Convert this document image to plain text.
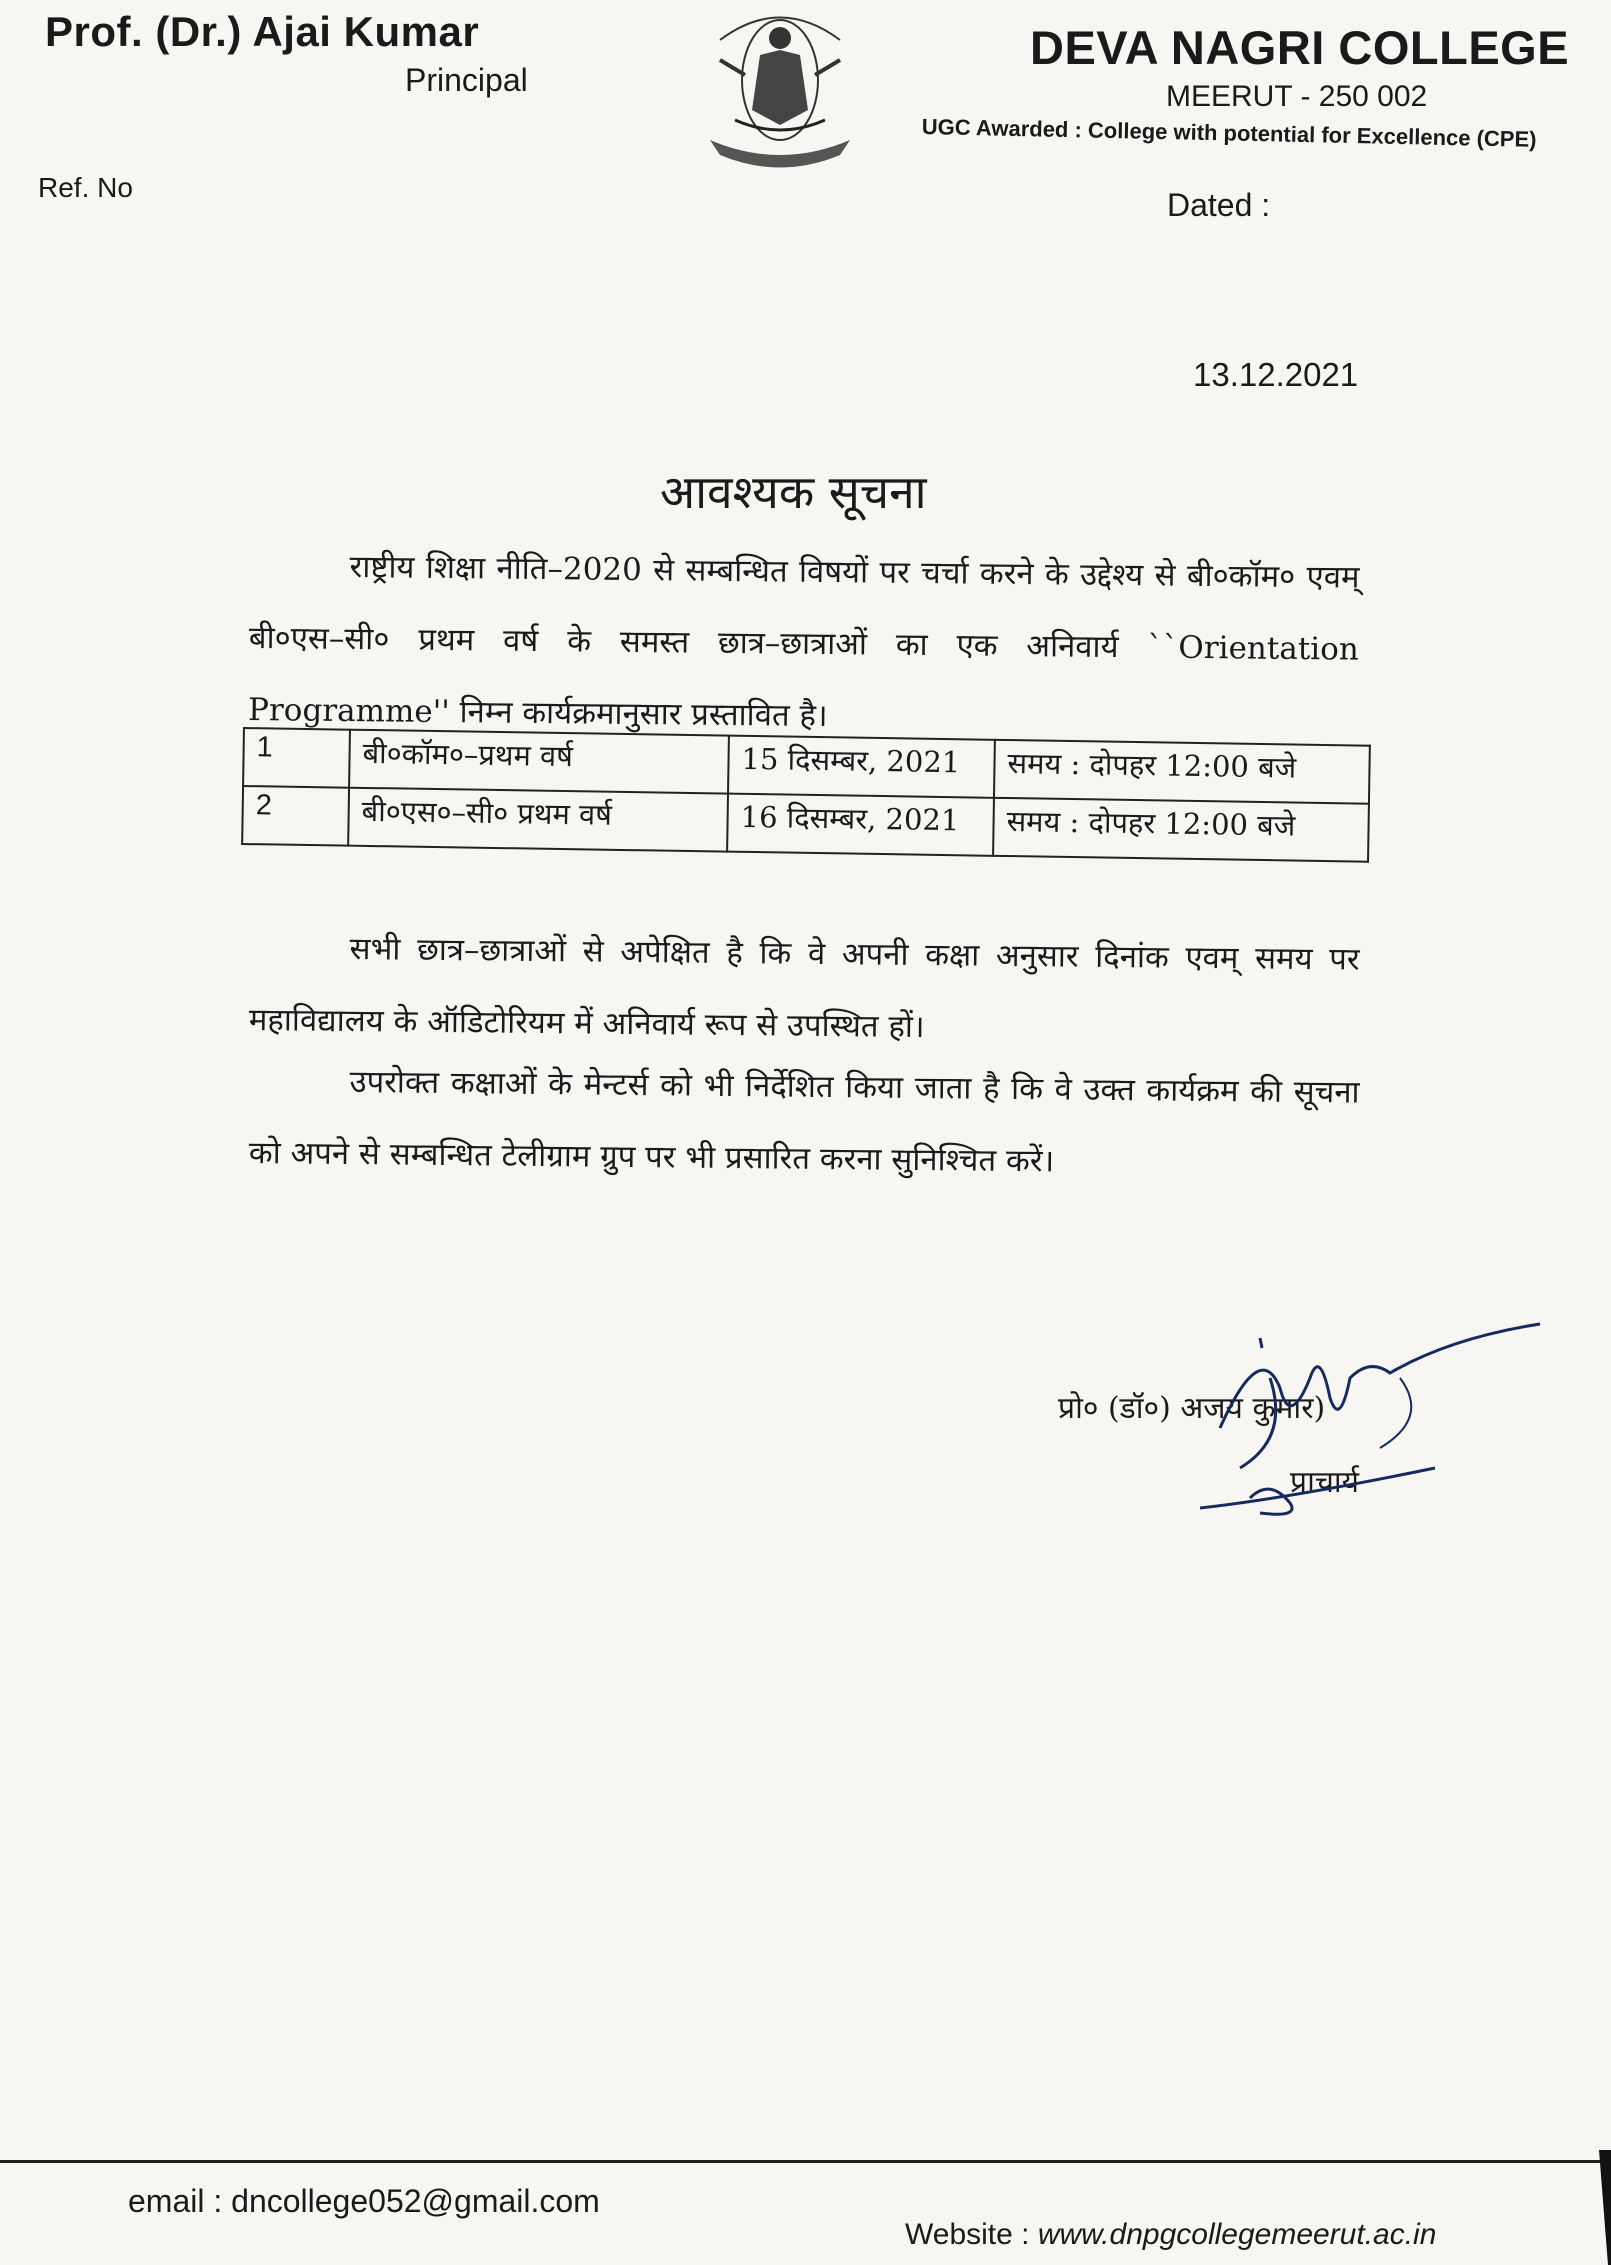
Prof. (Dr.) Ajai Kumar
Principal
Ref. No
DEVA NAGRI COLLEGE
MEERUT - 250 002
UGC Awarded : College with potential for Excellence (CPE)
Dated :
13.12.2021
आवश्यक सूचना
राष्ट्रीय शिक्षा नीति–2020 से सम्बन्धित विषयों पर चर्चा करने के उद्देश्य से बी०कॉम० एवम् बी०एस–सी० प्रथम वर्ष के समस्त छात्र–छात्राओं का एक अनिवार्य ``Orientation Programme'' निम्न कार्यक्रमानुसार प्रस्तावित है।
1	बी०कॉम०–प्रथम वर्ष	15 दिसम्बर, 2021	समय : दोपहर 12:00 बजे
2	बी०एस०–सी० प्रथम वर्ष	16 दिसम्बर, 2021	समय : दोपहर 12:00 बजे
सभी छात्र–छात्राओं से अपेक्षित है कि वे अपनी कक्षा अनुसार दिनांक एवम् समय पर महाविद्यालय के ऑडिटोरियम में अनिवार्य रूप से उपस्थित हों।
उपरोक्त कक्षाओं के मेन्टर्स को भी निर्देशित किया जाता है कि वे उक्त कार्यक्रम की सूचना को अपने से सम्बन्धित टेलीग्राम ग्रुप पर भी प्रसारित करना सुनिश्चित करें।
प्रो० (डॉ०) अजय कुमार)
प्राचार्य
email : dncollege052@gmail.com
Website : www.dnpgcollegemeerut.ac.in
